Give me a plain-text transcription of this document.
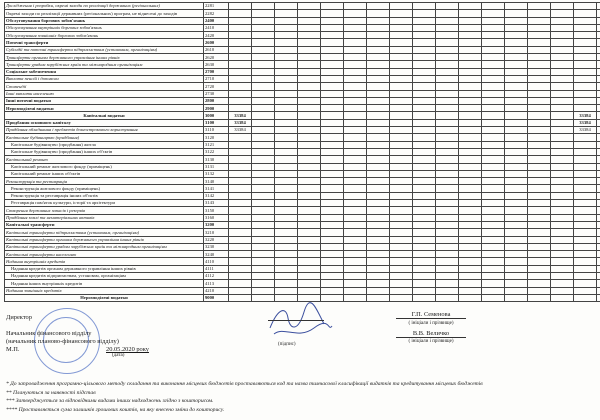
Дослідження і розробки, окремі заходи по реалізації державних (регіональних)	2281																	
Окремі заходи по реалізації державних (регіональних) програм, не віднесені до заходів	2282																	
Обслуговування боргових зобов'язань	2400																	
Обслуговування внутрішніх боргових зобов'язань	2410																	
Обслуговування зовнішніх боргових зобов'язань	2420																	
Поточні трансферти	2600																	
Субсидії та поточні трансферти підприємствам (установам, організаціям)	2610																	
Трансферти органам державного управління інших рівнів	2620																	
Трансферти урядам зарубіжних країн та міжнародним організаціям	2630																	
Соціальне забезпечення	2700																	
Виплата пенсій і допомоги	2710																	
Стипендії	2720																	
Інші виплати населенню	2730																	
Інші поточні видатки	2800																	
Нерозподілені видатки	2900																	
Капітальні видатки	3000	33384															33384	
Придбання основного капіталу	3100	33384															33384	
Придбання обладнання і предметів довгострокового користування	3110	33384															33384	
Капітальне будівництво (придбання)	3120																	
Капітальне будівництво (придбання) житла	3121																	
Капітальне будівництво (придбання) інших об'єктів	3122																	
Капітальний ремонт	3130																	
Капітальний ремонт житлового фонду (приміщень)	3131																	
Капітальний ремонт інших об'єктів	3132																	
Реконструкція та реставрація	3140																	
Реконструкція житлового фонду (приміщень)	3141																	
Реконструкція та реставрація інших об'єктів	3142																	
Реставрація пам'яток культури, історії та архітектури	3143																	
Створення державних запасів і резервів	3150																	
Придбання землі та нематеріальних активів	3160																	
Капітальні трансферти	3200																	
Капітальні трансферти підприємствам (установам, організаціям)	3210																	
Капітальні трансферти органам державного управління інших рівнів	3220																	
Капітальні трансферти урядам зарубіжних країн та міжнародним організаціям	3230																	
Капітальні трансферти населенню	3240																	
Надання внутрішніх кредитів	4110																	
Надання кредитів органам державного управління інших рівнів	4111																	
Надання кредитів підприємствам, установам, організаціям	4112																	
Надання інших внутрішніх кредитів	4113																	
Надання зовнішніх кредитів	4210																	
Нерозподілені видатки	9000																	
Директор
Начальник фінансового відділу
(начальник планово-фінансового відділу)
М.П.	20.05.2020 року
(дата)
(підпис)
Г.П. Семенова
( ініціали і прізвище)
В.В. Величко
( ініціали і прізвище)
* До запровадження програмно-цільового методу складання та виконання місцевих бюджетів проставляються код та назва тимчасової класифікації видатків та кредитування місцевих бюджетів
** Плануються за наявності підстав
*** Затверджується за відповідними видами інших надходжень згідно з кошторисом.
**** Проставляється сума залишків грошових коштів, на яку внесено зміни до кошторису.
